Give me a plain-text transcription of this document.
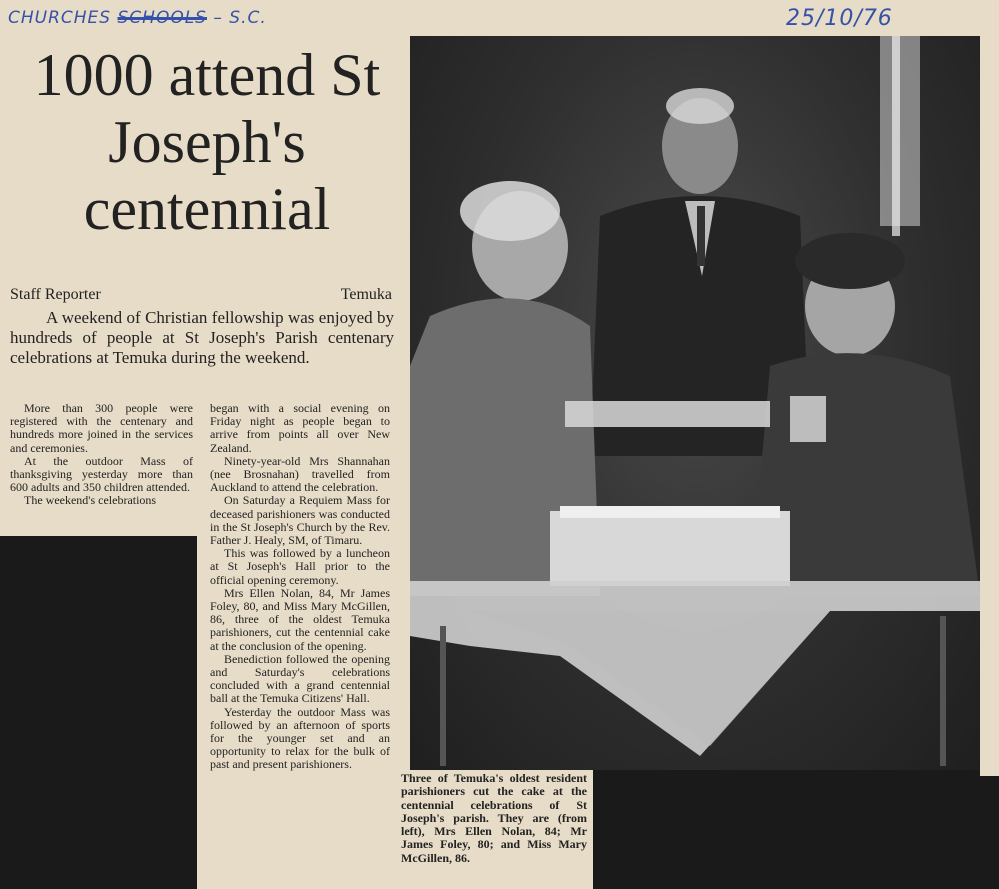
CHURCHES SCHOOLS – S.C.	25/10/76
1000 attend St Joseph's centennial
Staff Reporter	Temuka
A weekend of Christian fellowship was enjoyed by hundreds of people at St Joseph's Parish centenary celebrations at Temuka during the weekend.

More than 300 people were registered with the centenary and hundreds more joined in the services and ceremonies.

At the outdoor Mass of thanksgiving yesterday more than 600 adults and 350 children attended.

The weekend's celebrations

began with a social evening on Friday night as people began to arrive from points all over New Zealand.

Ninety-year-old Mrs Shannahan (nee Brosnahan) travelled from Auckland to attend the celebration.

On Saturday a Requiem Mass for deceased parishioners was conducted in the St Joseph's Church by the Rev. Father J. Healy, SM, of Timaru.

This was followed by a luncheon at St Joseph's Hall prior to the official opening ceremony.

Mrs Ellen Nolan, 84, Mr James Foley, 80, and Miss Mary McGillen, 86, three of the oldest Temuka parishioners, cut the centennial cake at the conclusion of the opening.

Benediction followed the opening and Saturday's celebrations concluded with a grand centennial ball at the Temuka Citizens' Hall.

Yesterday the outdoor Mass was followed by an afternoon of sports for the younger set and an opportunity to relax for the bulk of past and present parishioners.

Three of Temuka's oldest resident parishioners cut the cake at the centennial celebrations of St Joseph's parish. They are (from left), Mrs Ellen Nolan, 84; Mr James Foley, 80; and Miss Mary McGillen, 86.
